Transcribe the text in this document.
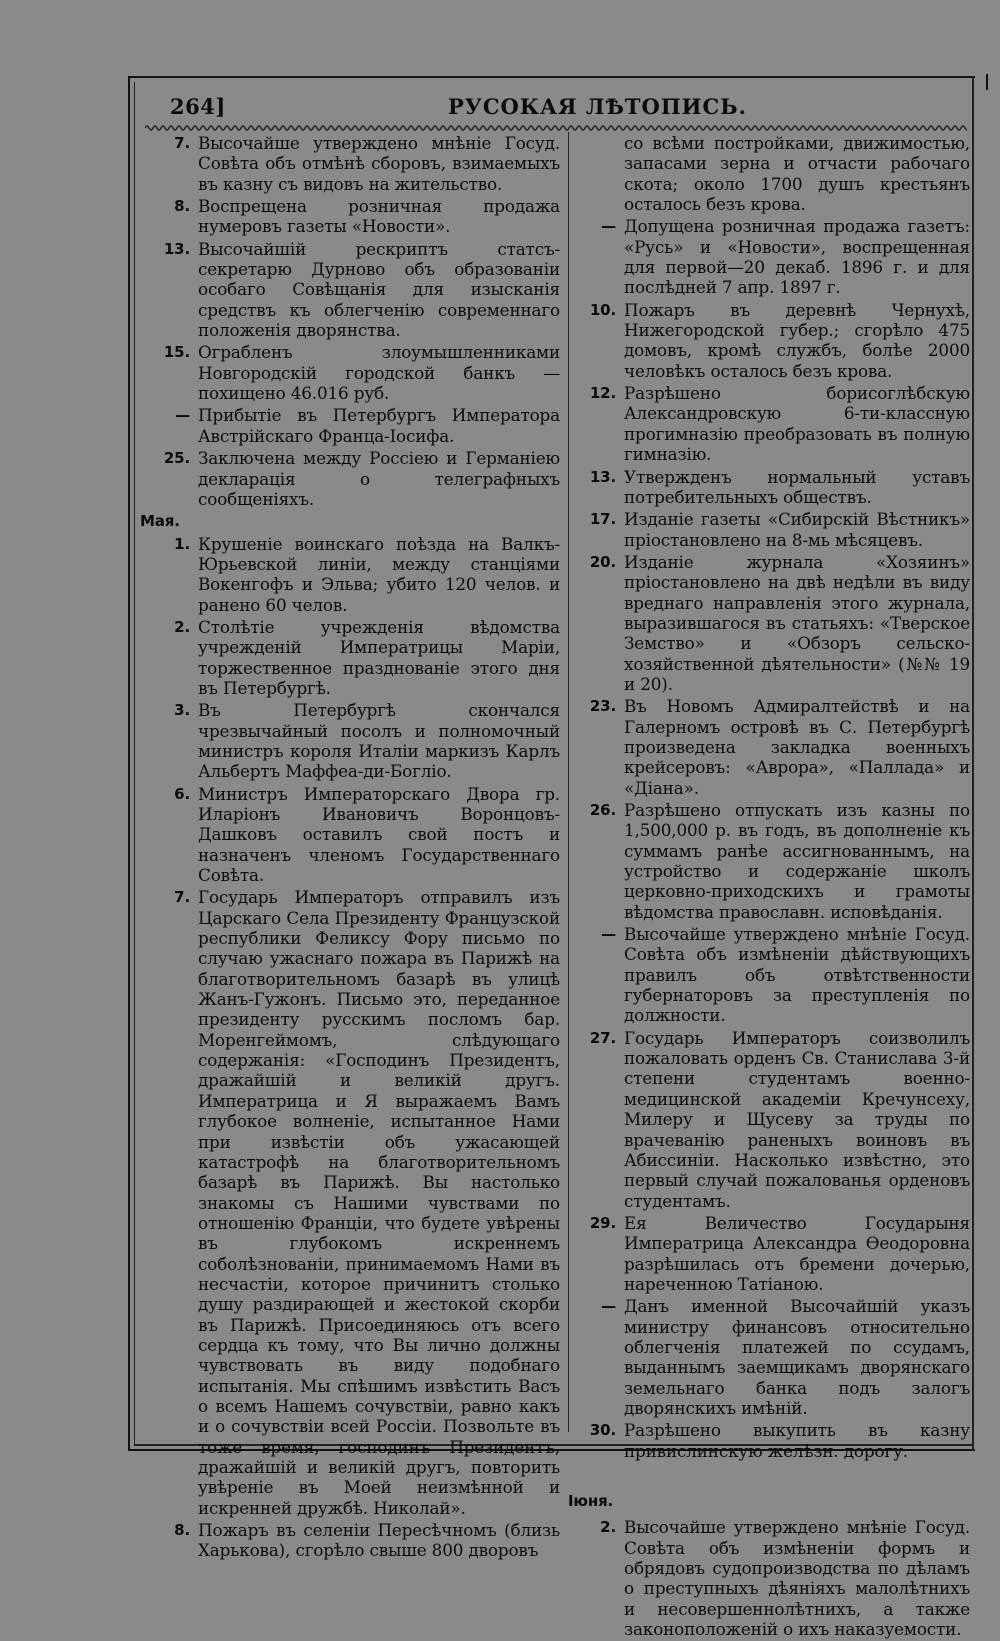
264]	РУСОКАЯ ЛѢТОПИСЬ.
7. Высочайше утверждено мнѣніе Госуд. Совѣта объ отмѣнѣ сборовъ, взимаемыхъ въ казну съ видовъ на жительство.
8. Воспрещена розничная продажа нумеровъ газеты «Новости».
13. Высочайшій рескриптъ статсъ-секретарю Дурново объ образованіи особаго Совѣщанія для изысканія средствъ къ облегченію современнаго положенія дворянства.
15. Ограбленъ злоумышленниками Новгородскій городской банкъ — похищено 46.016 руб.
— Прибытіе въ Петербургъ Императора Австрійскаго Франца-Іосифа.
25. Заключена между Россіею и Германіею декларація о телеграфныхъ сообщеніяхъ.
Мая.
1. Крушеніе воинскаго поѣзда на Валкъ-Юрьевской линіи, между станціями Вокенгофъ и Эльва; убито 120 челов. и ранено 60 челов.
2. Столѣтіе учрежденія вѣдомства учрежденій Императрицы Маріи, торжественное празднованіе этого дня въ Петербургѣ.
3. Въ Петербургѣ скончался чрезвычайный посолъ и полномочный министръ короля Италіи маркизъ Карлъ Альбертъ Маффеа-ди-Богліо.
6. Министръ Императорскаго Двора гр. Иларіонъ Ивановичъ Воронцовъ-Дашковъ оставилъ свой постъ и назначенъ членомъ Государственнаго Совѣта.
7. Государь Императоръ отправилъ изъ Царскаго Села Президенту Французской республики Феликсу Фору письмо по случаю ужаснаго пожара въ Парижѣ на благотворительномъ базарѣ въ улицѣ Жанъ-Гужонъ. Письмо это, переданное президенту русскимъ посломъ бар. Моренгеймомъ, слѣдующаго содержанія: «Господинъ Президентъ, дражайшій и великій другъ. Императрица и Я выражаемъ Вамъ глубокое волненіе, испытанное Нами при извѣстіи объ ужасающей катастрофѣ на благотворительномъ базарѣ въ Парижѣ. Вы настолько знакомы съ Нашими чувствами по отношенію Франціи, что будете увѣрены въ глубокомъ искреннемъ соболѣзнованіи, принимаемомъ Нами въ несчастіи, которое причинитъ столько душу раздирающей и жестокой скорби въ Парижѣ. Присоединяюсь отъ всего сердца къ тому, что Вы лично должны чувствовать въ виду подобнаго испытанія. Мы спѣшимъ извѣстить Васъ о всемъ Нашемъ сочувствіи, равно какъ и о сочувствіи всей Россіи. Позвольте въ тоже время, господинъ Президентъ, дражайшій и великій другъ, повторить увѣреніе въ Моей неизмѣнной и искренней дружбѣ. Николай».
8. Пожаръ въ селеніи Пересѣчномъ (близь Харькова), сгорѣло свыше 800 дворовъ
со всѣми постройками, движимостью, запасами зерна и отчасти рабочаго скота; около 1700 душъ крестьянъ осталось безъ крова.
— Допущена розничная продажа газетъ: «Русь» и «Новости», воспрещенная для первой—20 декаб. 1896 г. и для послѣдней 7 апр. 1897 г.
10. Пожаръ въ деревнѣ Чернухѣ, Нижегородской губер.; сгорѣло 475 домовъ, кромѣ службъ, болѣе 2000 человѣкъ осталось безъ крова.
12. Разрѣшено борисоглѣбскую Александровскую 6-ти-классную прогимназію преобразовать въ полную гимназію.
13. Утвержденъ нормальный уставъ потребительныхъ обществъ.
17. Изданіе газеты «Сибирскій Вѣстникъ» пріостановлено на 8-мь мѣсяцевъ.
20. Изданіе журнала «Хозяинъ» пріостановлено на двѣ недѣли въ виду вреднаго направленія этого журнала, выразившагося въ статьяхъ: «Тверское Земство» и «Обзоръ сельско-хозяйственной дѣятельности» (№№ 19 и 20).
23. Въ Новомъ Адмиралтействѣ и на Галерномъ островѣ въ С. Петербургѣ произведена закладка военныхъ крейсеровъ: «Аврора», «Паллада» и «Діана».
26. Разрѣшено отпускать изъ казны по 1,500,000 р. въ годъ, въ дополненіе къ суммамъ ранѣе ассигнованнымъ, на устройство и содержаніе школъ церковно-приходскихъ и грамоты вѣдомства православн. исповѣданія.
— Высочайше утверждено мнѣніе Госуд. Совѣта объ измѣненіи дѣйствующихъ правилъ объ отвѣтственности губернаторовъ за преступленія по должности.
27. Государь Императоръ соизволилъ пожаловать орденъ Св. Станислава 3-й степени студентамъ военно-медицинской академіи Кречунсеху, Милеру и Щусеву за труды по врачеванію раненыхъ воиновъ въ Абиссиніи. Насколько извѣстно, это первый случай пожалованья орденовъ студентамъ.
29. Ея Величество Государыня Императрица Александра Ѳеодоровна разрѣшилась отъ бремени дочерью, нареченною Татіаною.
— Данъ именной Высочайшій указъ министру финансовъ относительно облегченія платежей по ссудамъ, выданнымъ заемщикамъ дворянскаго земельнаго банка подъ залогъ дворянскихъ имѣній.
30. Разрѣшено выкупить въ казну привислинскую желѣзн. дорогу.
Іюня.
2. Высочайше утверждено мнѣніе Госуд. Совѣта объ измѣненіи формъ и обрядовъ судопроизводства по дѣламъ о преступныхъ дѣяніяхъ малолѣтнихъ и несовершеннолѣтнихъ, а также законоположеній о ихъ наказуемости.
